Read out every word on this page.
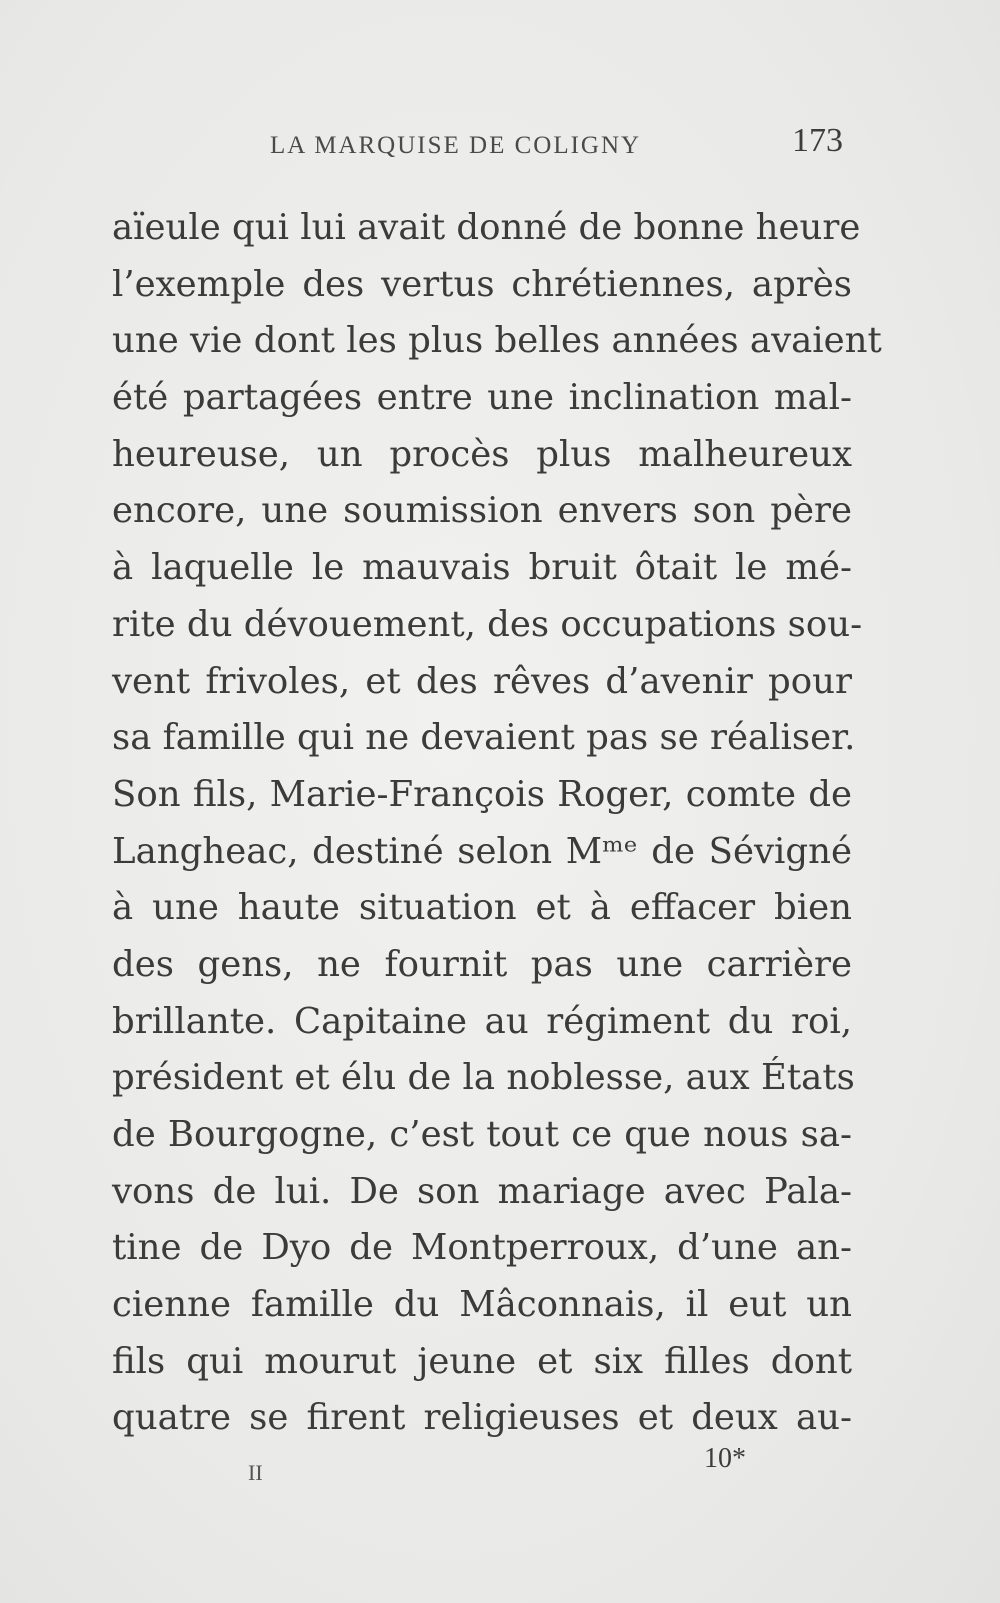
LA MARQUISE DE COLIGNY	173
aïeule qui lui avait donné de bonne heure
l’exemple des vertus chrétiennes, après
une vie dont les plus belles années avaient
été partagées entre une inclination mal-
heureuse, un procès plus malheureux
encore, une soumission envers son père
à laquelle le mauvais bruit ôtait le mé-
rite du dévouement, des occupations sou-
vent frivoles, et des rêves d’avenir pour
sa famille qui ne devaient pas se réaliser.
Son fils, Marie-François Roger, comte de
Langheac, destiné selon Mᵐᵉ de Sévigné
à une haute situation et à effacer bien
des gens, ne fournit pas une carrière
brillante. Capitaine au régiment du roi,
président et élu de la noblesse, aux États
de Bourgogne, c’est tout ce que nous sa-
vons de lui. De son mariage avec Pala-
tine de Dyo de Montperroux, d’une an-
cienne famille du Mâconnais, il eut un
fils qui mourut jeune et six filles dont
quatre se firent religieuses et deux au-
II	10*
